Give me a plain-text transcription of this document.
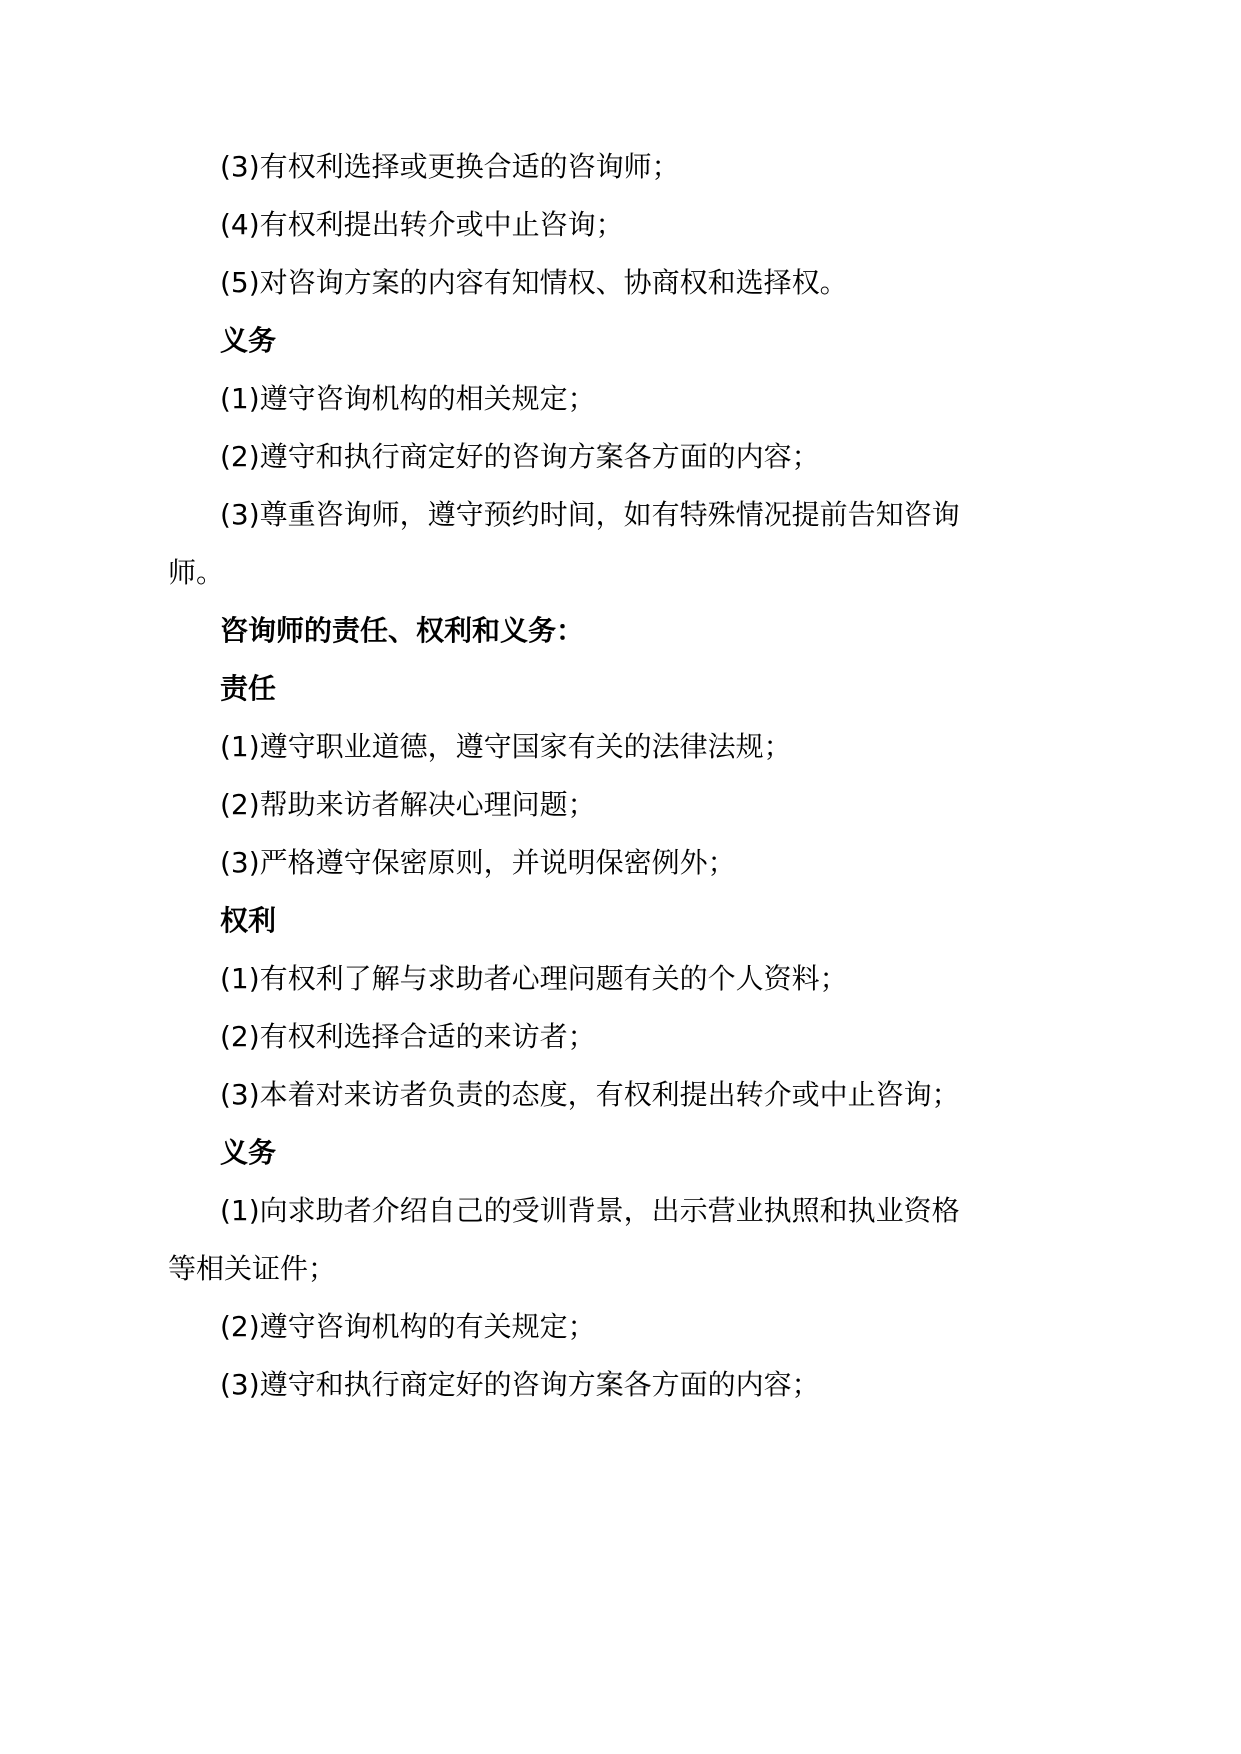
(3)有权利选择或更换合适的咨询师；
(4)有权利提出转介或中止咨询；
(5)对咨询方案的内容有知情权、协商权和选择权。
义务
(1)遵守咨询机构的相关规定；
(2)遵守和执行商定好的咨询方案各方面的内容；
(3)尊重咨询师，遵守预约时间，如有特殊情况提前告知咨询
师。
咨询师的责任、权利和义务：
责任
(1)遵守职业道德，遵守国家有关的法律法规；
(2)帮助来访者解决心理问题；
(3)严格遵守保密原则，并说明保密例外；
权利
(1)有权利了解与求助者心理问题有关的个人资料；
(2)有权利选择合适的来访者；
(3)本着对来访者负责的态度，有权利提出转介或中止咨询；
义务
(1)向求助者介绍自己的受训背景，出示营业执照和执业资格
等相关证件；
(2)遵守咨询机构的有关规定；
(3)遵守和执行商定好的咨询方案各方面的内容；
